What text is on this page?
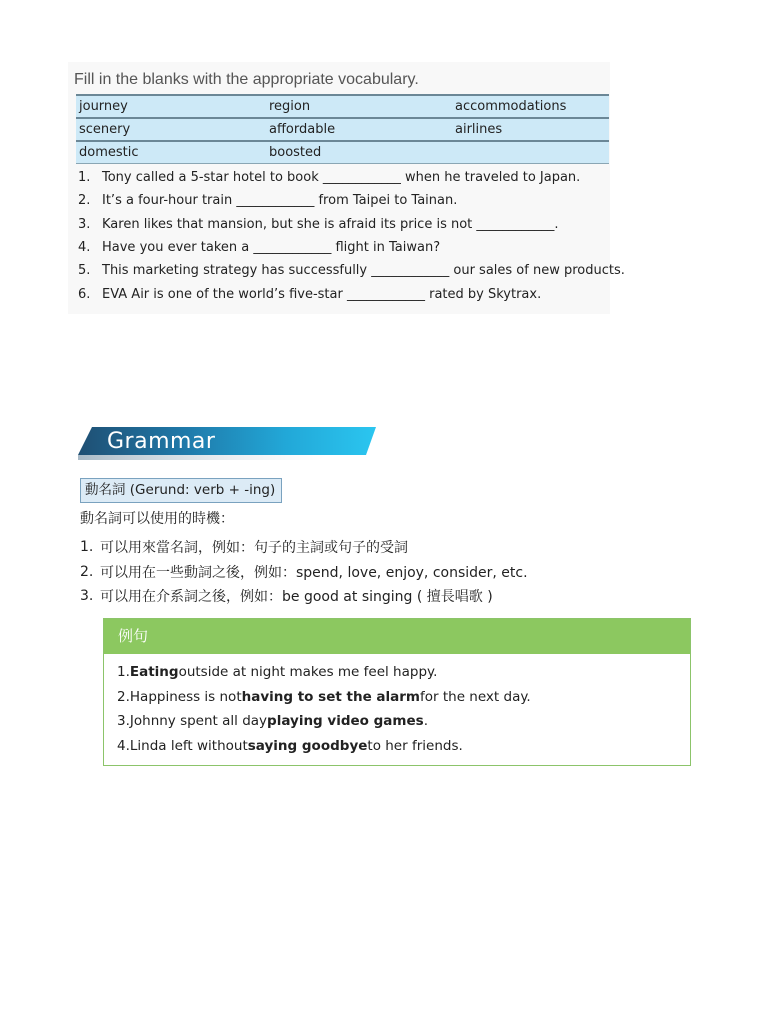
Fill in the blanks with the appropriate vocabulary.
journey	region	accommodations
scenery	affordable	airlines
domestic	boosted
1. Tony called a 5-star hotel to book ____________ when he traveled to Japan.
2. It’s a four-hour train ____________ from Taipei to Tainan.
3. Karen likes that mansion, but she is afraid its price is not ____________.
4. Have you ever taken a ____________ flight in Taiwan?
5. This marketing strategy has successfully ____________ our sales of new products.
6. EVA Air is one of the world’s five-star ____________ rated by Skytrax.
Grammar
動名詞 (Gerund: verb + -ing)
動名詞可以使用的時機：
1. 可以用來當名詞，例如：句子的主詞或句子的受詞
2. 可以用在一些動詞之後，例如：spend, love, enjoy, consider, etc.
3. 可以用在介系詞之後，例如：be good at singing ( 擅長唱歌 )
例句
1. Eating outside at night makes me feel happy.
2. Happiness is not having to set the alarm for the next day.
3. Johnny spent all day playing video games .
4. Linda left without saying goodbye to her friends.
